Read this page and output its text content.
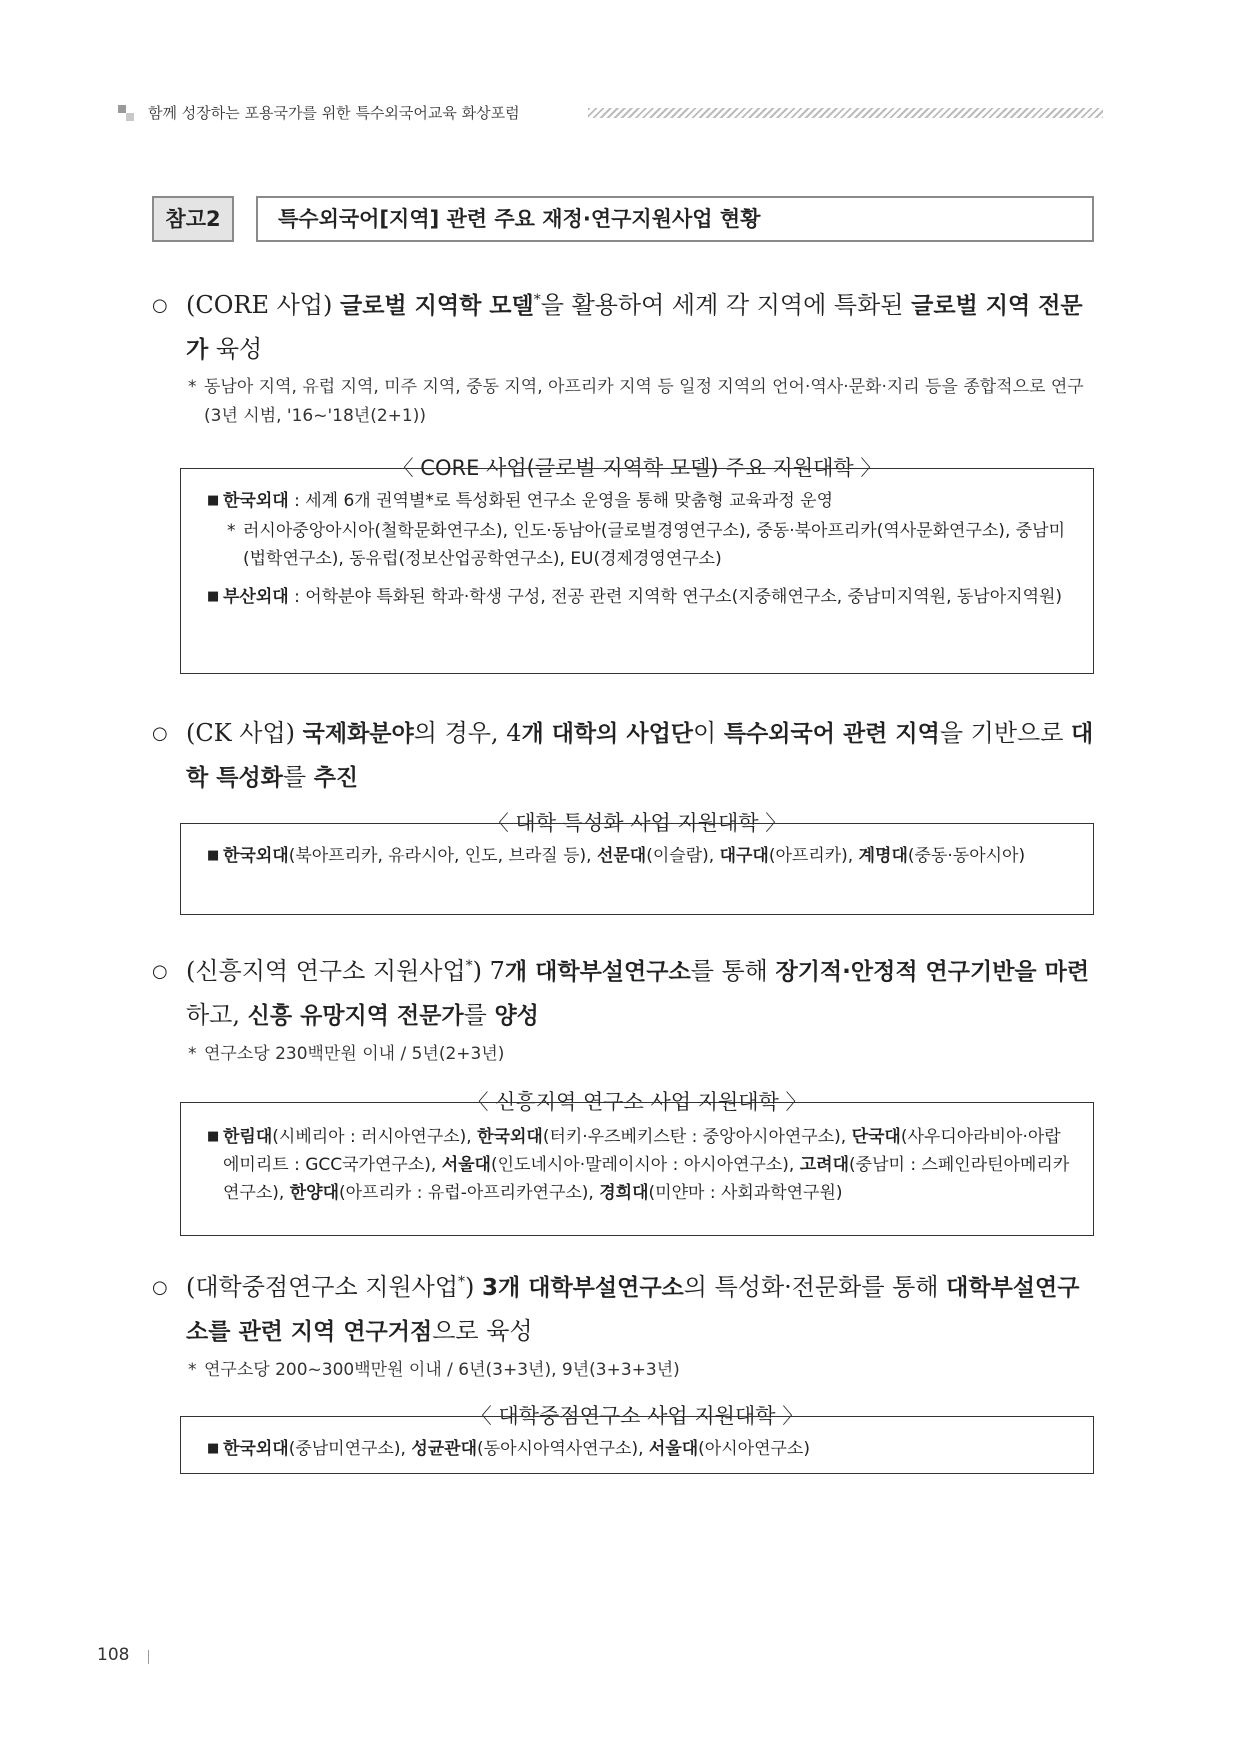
함께 성장하는 포용국가를 위한 특수외국어교육 화상포럼
참고2	특수외국어[지역] 관련 주요 재정·연구지원사업 현황
○ (CORE 사업) 글로벌 지역학 모델*을 활용하여 세계 각 지역에 특화된 글로벌 지역 전문가 육성
* 동남아 지역, 유럽 지역, 미주 지역, 중동 지역, 아프리카 지역 등 일정 지역의 언어·역사·문화·지리 등을 종합적으로 연구(3년 시범, '16~'18년(2+1))
〈 CORE 사업(글로벌 지역학 모델) 주요 지원대학 〉
■ 한국외대 : 세계 6개 권역별*로 특성화된 연구소 운영을 통해 맞춤형 교육과정 운영
* 러시아중앙아시아(철학문화연구소), 인도·동남아(글로벌경영연구소), 중동·북아프리카(역사문화연구소), 중남미(법학연구소), 동유럽(정보산업공학연구소), EU(경제경영연구소)
■ 부산외대 : 어학분야 특화된 학과·학생 구성, 전공 관련 지역학 연구소(지중해연구소, 중남미지역원, 동남아지역원)
○ (CK 사업) 국제화분야의 경우, 4개 대학의 사업단이 특수외국어 관련 지역을 기반으로 대학 특성화를 추진
〈 대학 특성화 사업 지원대학 〉
■ 한국외대(북아프리카, 유라시아, 인도, 브라질 등), 선문대(이슬람), 대구대(아프리카), 계명대(중동·동아시아)
○ (신흥지역 연구소 지원사업*) 7개 대학부설연구소를 통해 장기적·안정적 연구기반을 마련하고, 신흥 유망지역 전문가를 양성
* 연구소당 230백만원 이내 / 5년(2+3년)
〈 신흥지역 연구소 사업 지원대학 〉
■ 한림대(시베리아 : 러시아연구소), 한국외대(터키·우즈베키스탄 : 중앙아시아연구소), 단국대(사우디아라비아·아랍에미리트 : GCC국가연구소), 서울대(인도네시아·말레이시아 : 아시아연구소), 고려대(중남미 : 스페인라틴아메리카연구소), 한양대(아프리카 : 유럽-아프리카연구소), 경희대(미얀마 : 사회과학연구원)
○ (대학중점연구소 지원사업*) 3개 대학부설연구소의 특성화·전문화를 통해 대학부설연구소를 관련 지역 연구거점으로 육성
* 연구소당 200~300백만원 이내 / 6년(3+3년), 9년(3+3+3년)
〈 대학중점연구소 사업 지원대학 〉
■ 한국외대(중남미연구소), 성균관대(동아시아역사연구소), 서울대(아시아연구소)
108
